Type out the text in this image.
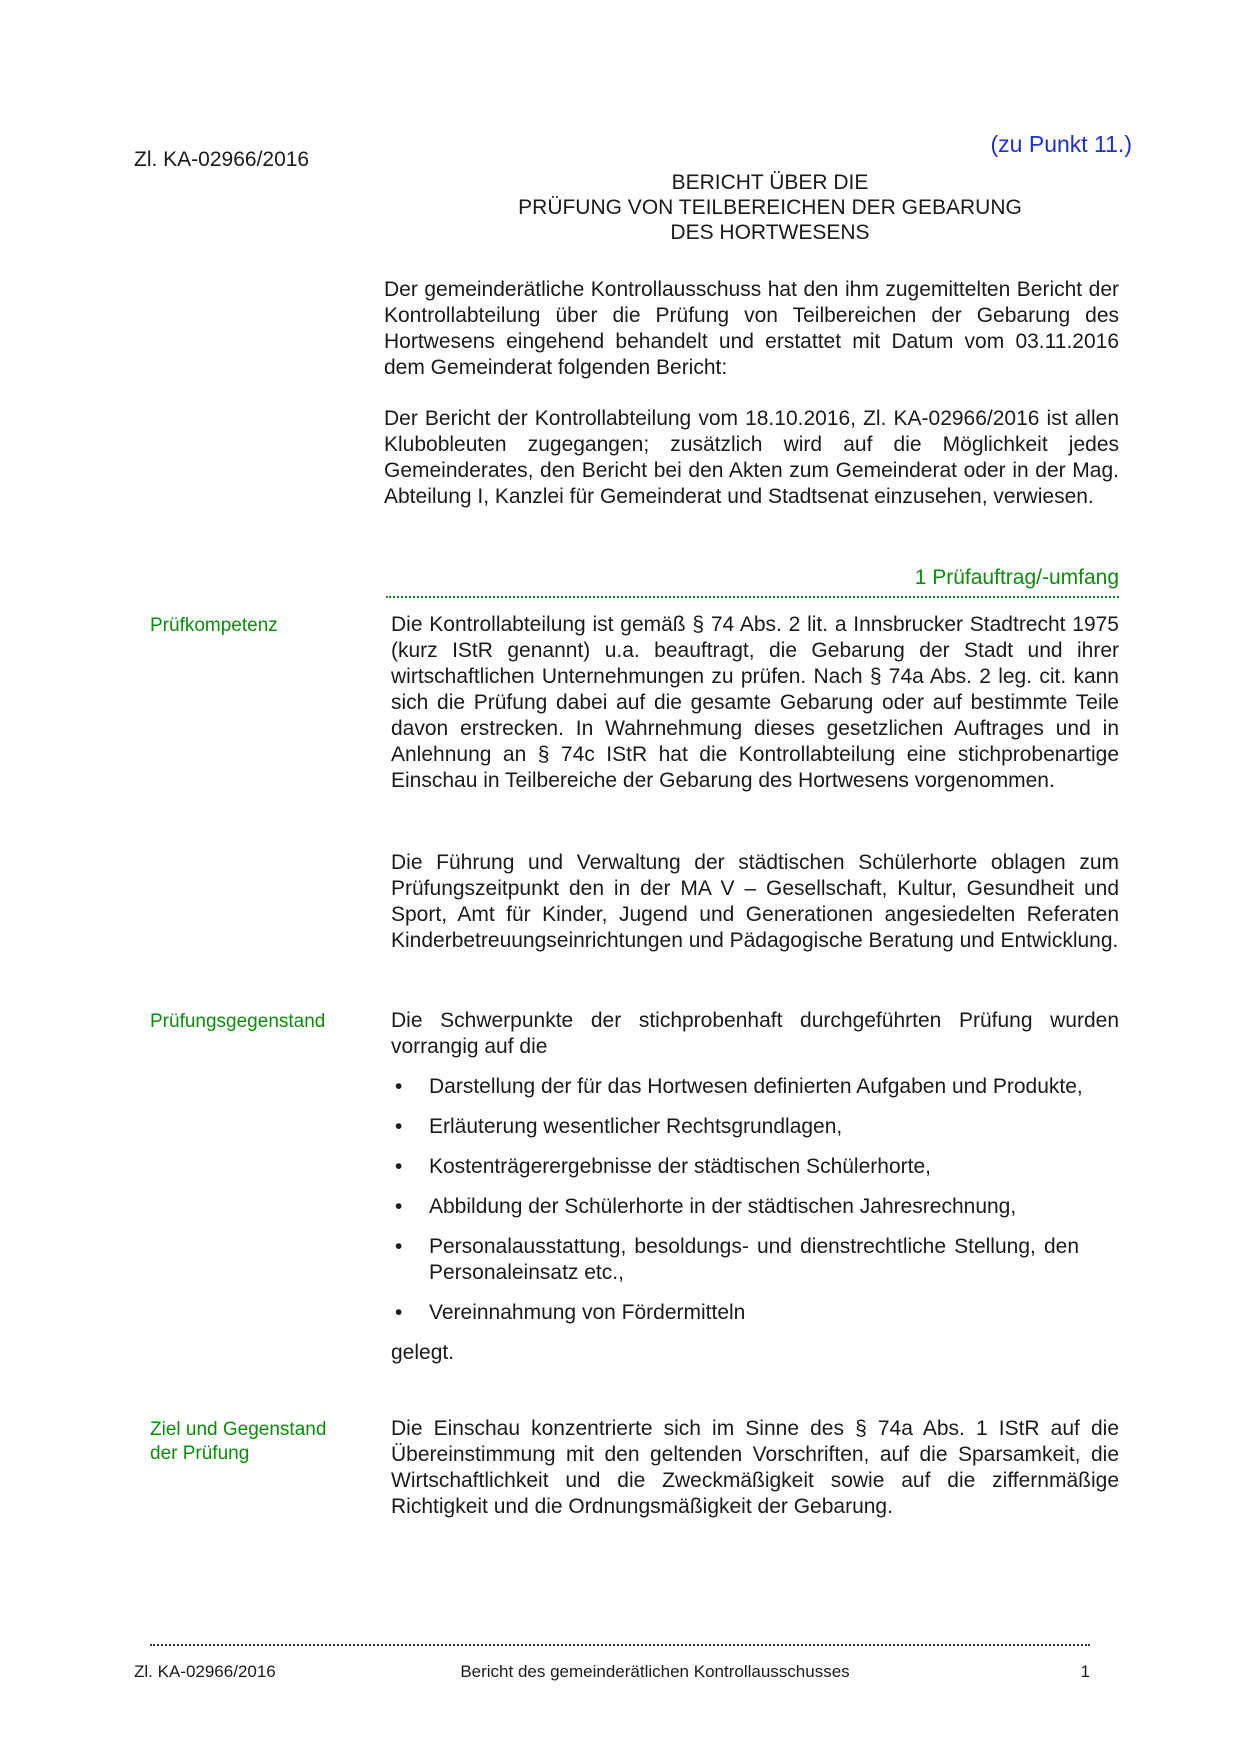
Zl. KA-02966/2016
(zu Punkt 11.)
BERICHT ÜBER DIE
PRÜFUNG VON TEILBEREICHEN DER GEBARUNG
DES HORTWESENS

Der gemeinderätliche Kontrollausschuss hat den ihm zugemittelten Bericht der Kontrollabteilung über die Prüfung von Teilbereichen der Gebarung des Hortwesens eingehend behandelt und erstattet mit Datum vom 03.11.2016 dem Gemeinderat folgenden Bericht:

Der Bericht der Kontrollabteilung vom 18.10.2016, Zl. KA-02966/2016 ist allen Klubobleuten zugegangen; zusätzlich wird auf die Möglichkeit jedes Gemeinderates, den Bericht bei den Akten zum Gemeinderat oder in der Mag. Abteilung I, Kanzlei für Gemeinderat und Stadtsenat einzusehen, verwiesen.

1 Prüfauftrag/-umfang
Prüfkompetenz	Die Kontrollabteilung ist gemäß § 74 Abs. 2 lit. a Innsbrucker Stadtrecht 1975 (kurz IStR genannt) u.a. beauftragt, die Gebarung der Stadt und ihrer wirtschaftlichen Unternehmungen zu prüfen. Nach § 74a Abs. 2 leg. cit. kann sich die Prüfung dabei auf die gesamte Gebarung oder auf bestimmte Teile davon erstrecken. In Wahrnehmung dieses gesetzlichen Auftrages und in Anlehnung an § 74c IStR hat die Kontrollabteilung eine stichprobenartige Einschau in Teilbereiche der Gebarung des Hortwesens vorgenommen.

Die Führung und Verwaltung der städtischen Schülerhorte oblagen zum Prüfungszeitpunkt den in der MA V – Gesellschaft, Kultur, Gesundheit und Sport, Amt für Kinder, Jugend und Generationen angesiedelten Referaten Kinderbetreuungseinrichtungen und Pädagogische Beratung und Entwicklung.

Prüfungsgegenstand	Die Schwerpunkte der stichprobenhaft durchgeführten Prüfung wurden vorrangig auf die

• Darstellung der für das Hortwesen definierten Aufgaben und Produkte,
• Erläuterung wesentlicher Rechtsgrundlagen,
• Kostenträgerergebnisse der städtischen Schülerhorte,
• Abbildung der Schülerhorte in der städtischen Jahresrechnung,
• Personalausstattung, besoldungs- und dienstrechtliche Stellung, den Personaleinsatz etc.,
• Vereinnahmung von Fördermitteln

gelegt.

Ziel und Gegenstand
der Prüfung

Die Einschau konzentrierte sich im Sinne des § 74a Abs. 1 IStR auf die Übereinstimmung mit den geltenden Vorschriften, auf die Sparsamkeit, die Wirtschaftlichkeit und die Zweckmäßigkeit sowie auf die ziffernmäßige Richtigkeit und die Ordnungsmäßigkeit der Gebarung.

Zl. KA-02966/2016	Bericht des gemeinderätlichen Kontrollausschusses	1
